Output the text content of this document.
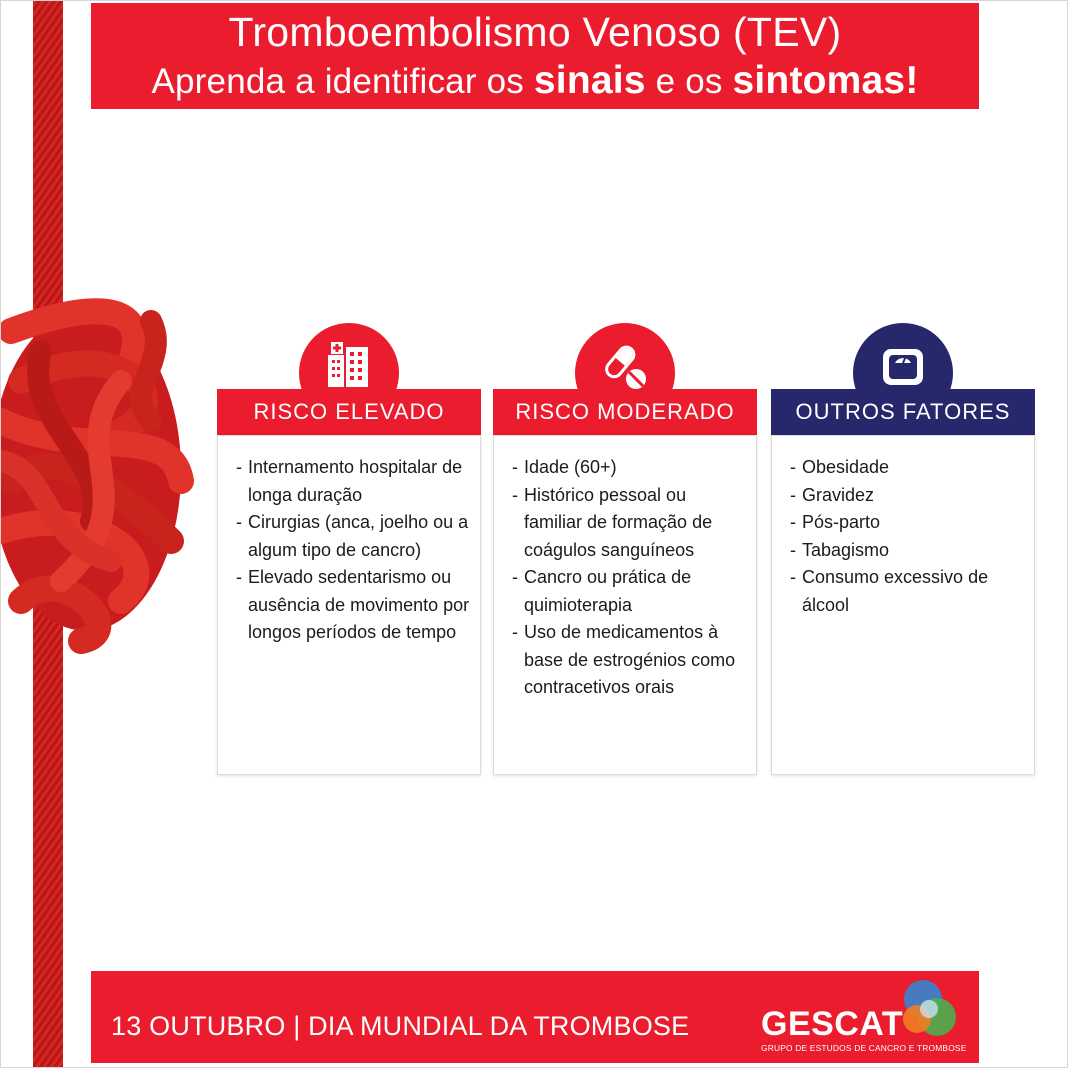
Tromboembolismo Venoso (TEV)
Aprenda a identificar os sinais e os sintomas!
RISCO ELEVADO
- Internamento hospitalar de longa duração
- Cirurgias (anca, joelho ou a algum tipo de cancro)
- Elevado sedentarismo ou ausência de movimento por longos períodos de tempo
RISCO MODERADO
- Idade (60+)
- Histórico pessoal ou familiar de formação de coágulos sanguíneos
- Cancro ou prática de quimioterapia
- Uso de medicamentos à base de estrogénios como contracetivos orais
OUTROS FATORES
- Obesidade
- Gravidez
- Pós-parto
- Tabagismo
- Consumo excessivo de álcool
13 OUTUBRO | DIA MUNDIAL DA TROMBOSE GESCAT
GRUPO DE ESTUDOS DE CANCRO E TROMBOSE
